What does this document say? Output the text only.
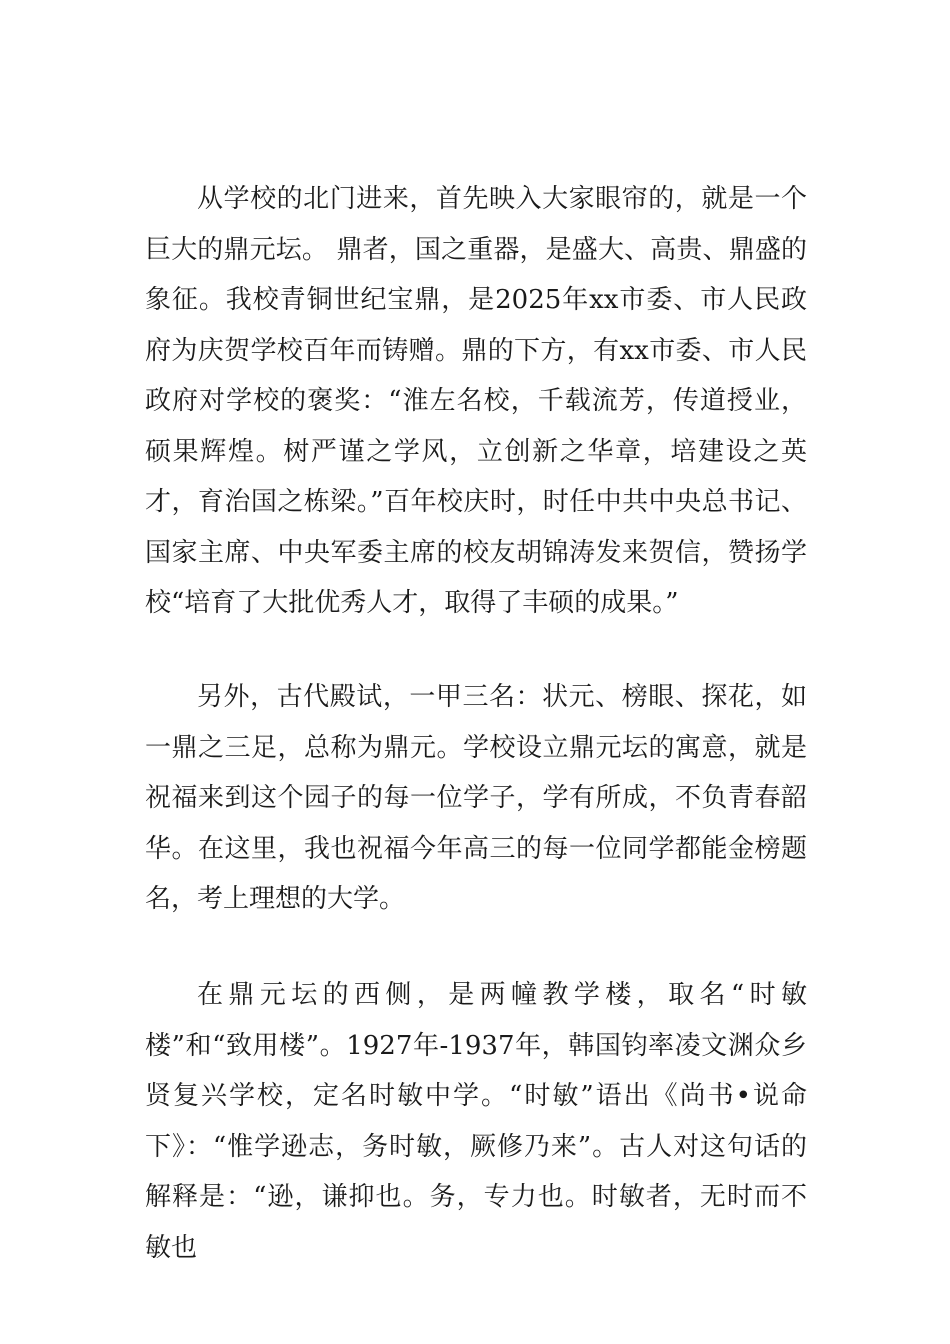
从学校的北门进来，首先映入大家眼帘的，就是一个巨大的鼎元坛。 鼎者，国之重器，是盛大、高贵、鼎盛的象征。我校青铜世纪宝鼎，是2025年xx市委、市人民政府为庆贺学校百年而铸赠。鼎的下方，有xx市委、市人民政府对学校的褒奖：“淮左名校，千载流芳，传道授业，硕果辉煌。树严谨之学风，立创新之华章，培建设之英才，育治国之栋梁。”百年校庆时，时任中共中央总书记、国家主席、中央军委主席的校友胡锦涛发来贺信，赞扬学校“培育了大批优秀人才，取得了丰硕的成果。”

另外，古代殿试，一甲三名：状元、榜眼、探花，如一鼎之三足，总称为鼎元。学校设立鼎元坛的寓意，就是祝福来到这个园子的每一位学子，学有所成，不负青春韶华。在这里，我也祝福今年高三的每一位同学都能金榜题名，考上理想的大学。

在鼎元坛的西侧，是两幢教学楼，取名“时敏楼”和“致用楼”。1927年-1937年，韩国钧率凌文渊众乡贤复兴学校，定名时敏中学。“时敏”语出《尚书•说命下》：“惟学逊志，务时敏，厥修乃来”。古人对这句话的解释是：“逊，谦抑也。务，专力也。时敏者，无时而不敏也
